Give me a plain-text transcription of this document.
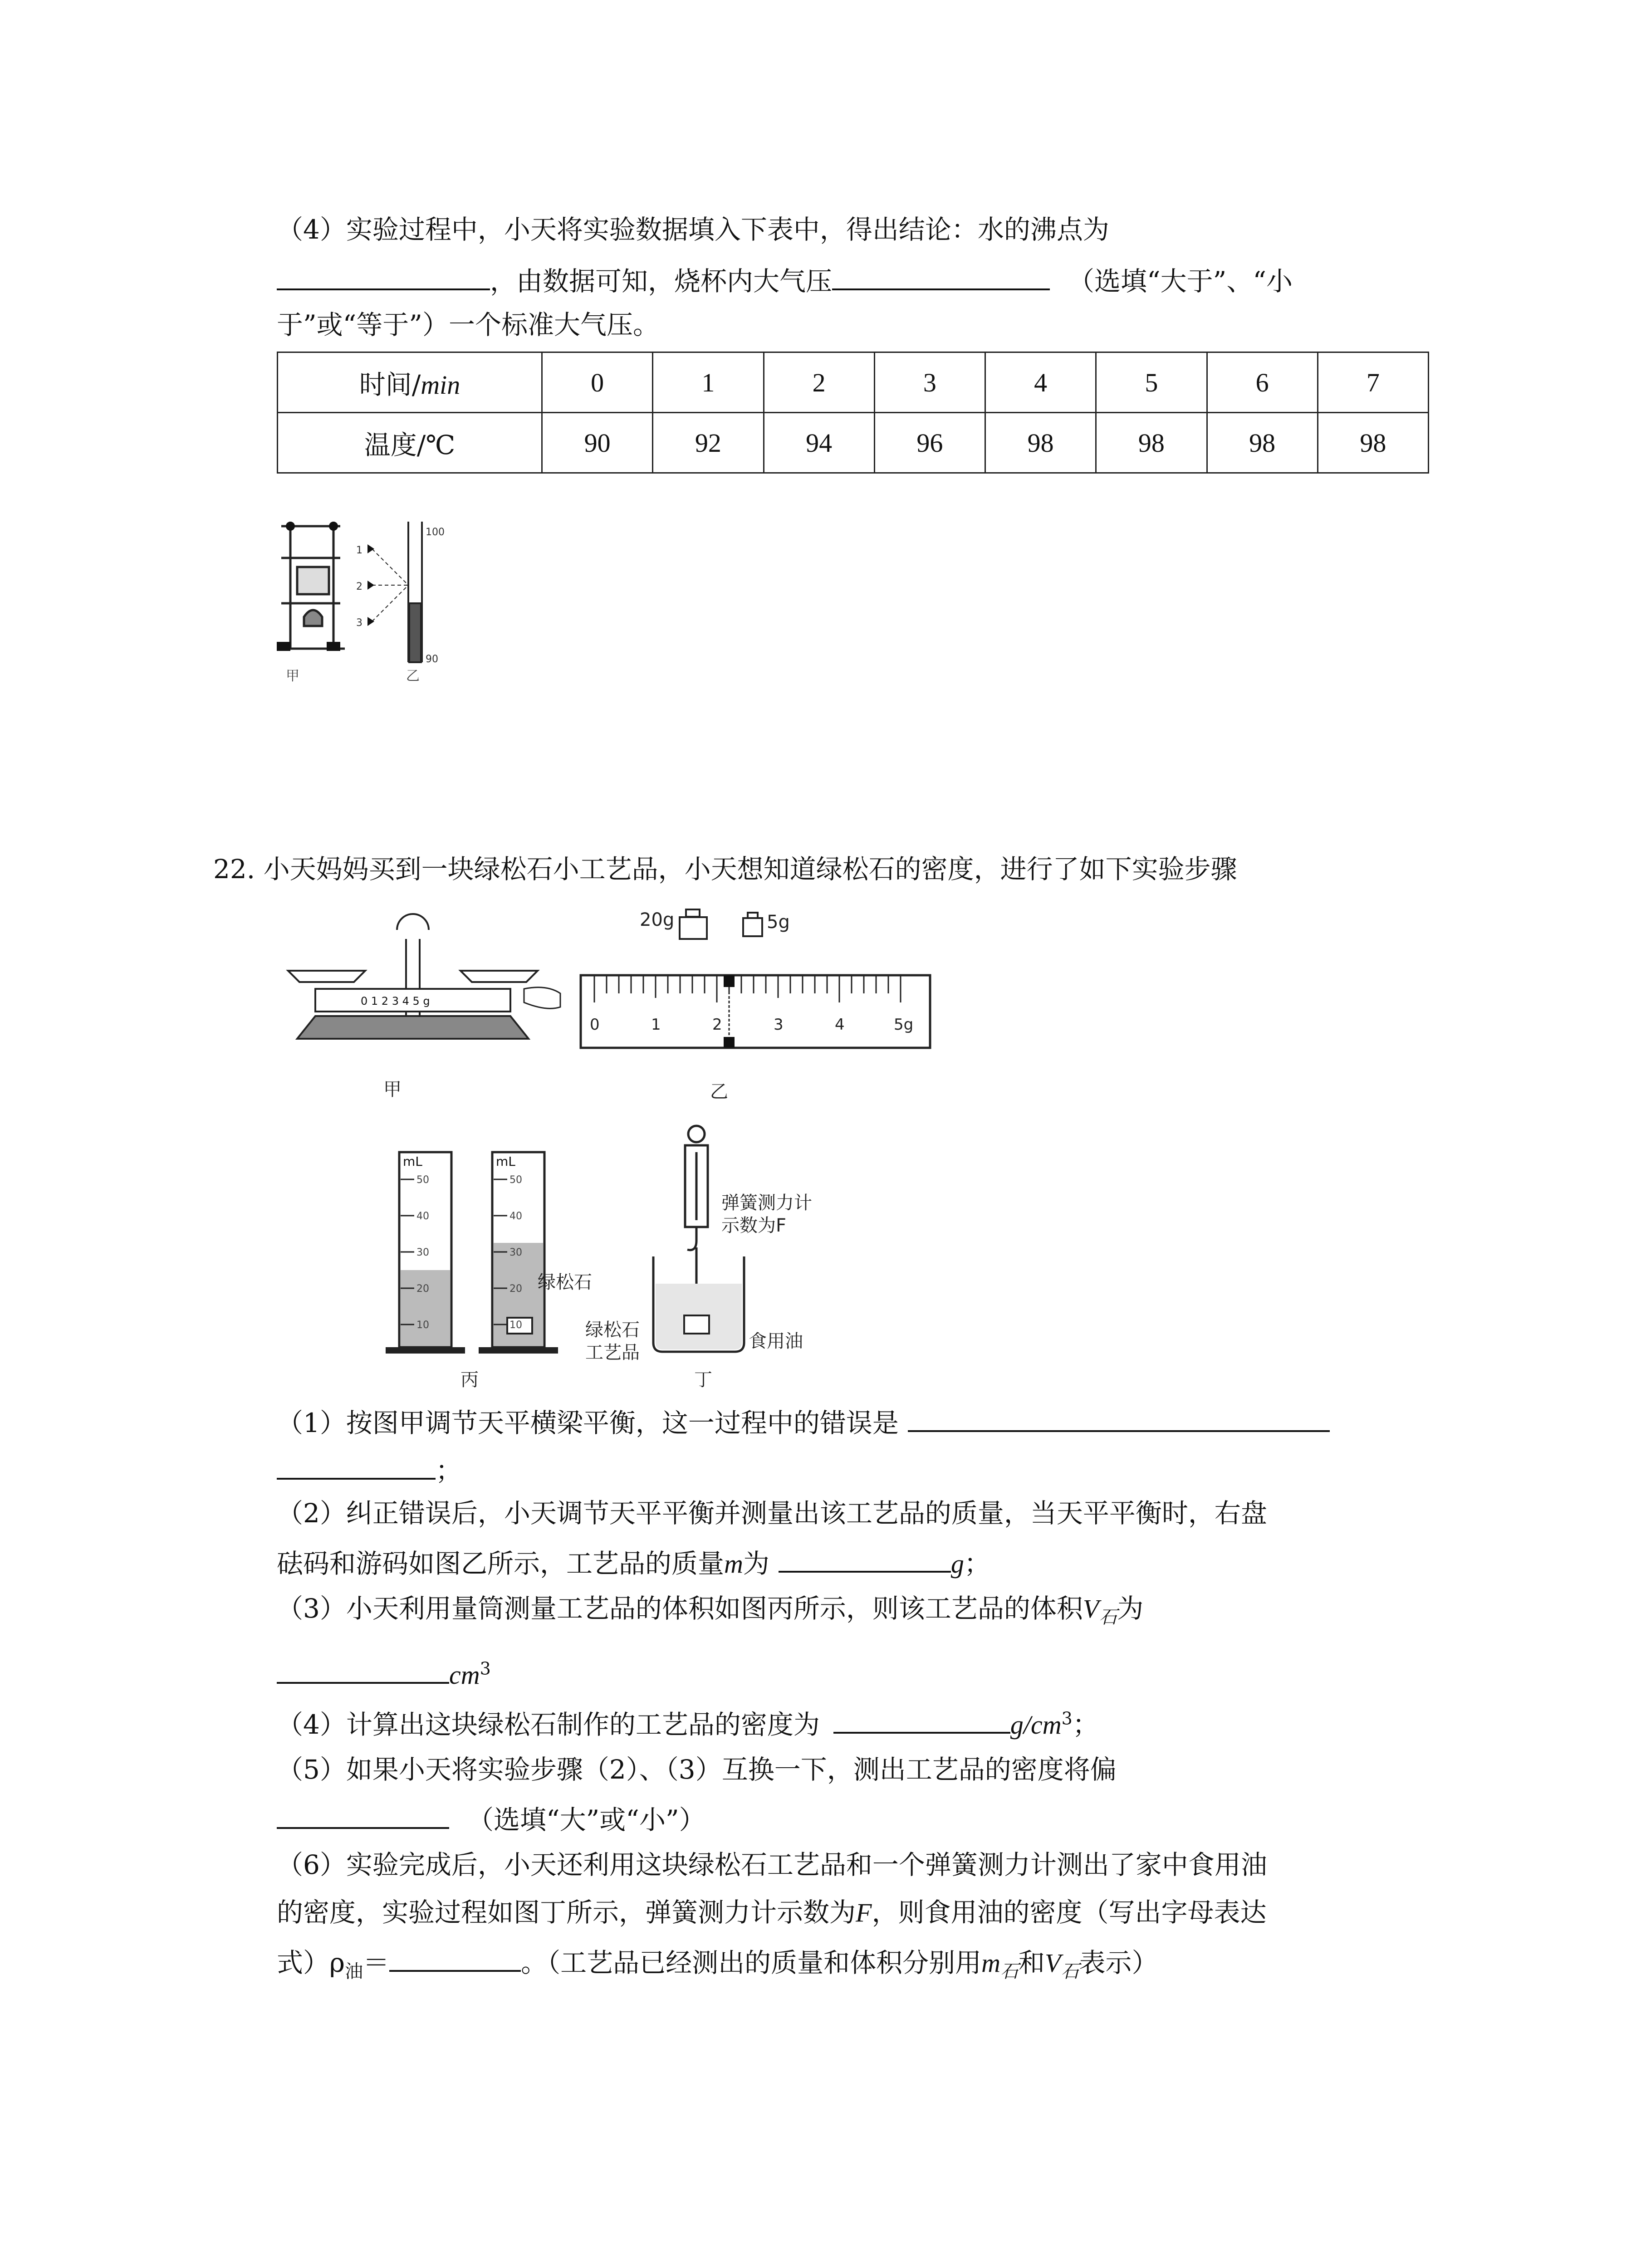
（4）实验过程中，小天将实验数据填入下表中，得出结论：水的沸点为
，由数据可知，烧杯内大气压	（选填“大于”、“小
于”或“等于”）一个标准大气压。
时间/min	0	1	2	3	4	5	6	7
温度/℃	90	92	94	96	98	98	98	98
甲
1
2
3
100
90
乙
22. 小天妈妈买到一块绿松石小工艺品，小天想知道绿松石的密度，进行了如下实验步骤
0 1 2 3 4 5 g
甲
20g	5g
0	1	2	3	4	5g
乙
mL
50
40
30
20
10
mL
50
40
30
20
10
绿松石
丙
弹簧测力计
示数为F
绿松石
工艺品
食用油
丁
（1）按图甲调节天平横梁平衡，这一过程中的错误是
；
（2）纠正错误后，小天调节天平平衡并测量出该工艺品的质量，当天平平衡时，右盘
砝码和游码如图乙所示，工艺品的质量m为	g；
（3）小天利用量筒测量工艺品的体积如图丙所示，则该工艺品的体积$V_石$为
$cm^3$
（4）计算出这块绿松石制作的工艺品的密度为	$g/cm^3$；
（5）如果小天将实验步骤（2）、（3）互换一下，测出工艺品的密度将偏
（选填“大”或“小”）
（6）实验完成后，小天还利用这块绿松石工艺品和一个弹簧测力计测出了家中食用油
的密度，实验过程如图丁所示，弹簧测力计示数为F，则食用油的密度（写出字母表达
式）$\rho_油=$	。（工艺品已经测出的质量和体积分别用$m_石$和$V_石$表示）
